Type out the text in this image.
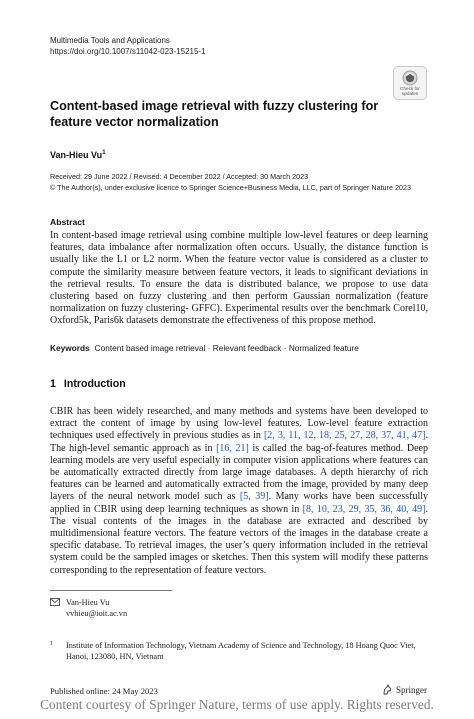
Multimedia Tools and Applications
https://doi.org/10.1007/s11042-023-15215-1
Check for
updates
Content-based image retrieval with fuzzy clustering for feature vector normalization
Van-Hieu Vu$^1$
Received: 29 June 2022 / Revised: 4 December 2022 / Accepted: 30 March 2023
© The Author(s), under exclusive licence to Springer Science+Business Media, LLC, part of Springer Nature 2023
Abstract
In content-based image retrieval using combine multiple low-level features or deep learning features, data imbalance after normalization often occurs. Usually, the distance function is usually like the L1 or L2 norm. When the feature vector value is considered as a cluster to compute the similarity measure between feature vectors, it leads to significant deviations in the retrieval results. To ensure the data is distributed balance, we propose to use data clustering based on fuzzy clustering and then perform Gaussian normalization (feature normalization on fuzzy clustering- GFFC). Experimental results over the benchmark Corel10, Oxford5k, Paris6k datasets demonstrate the effectiveness of this propose method.
Keywords Content based image retrieval · Relevant feedback · Normalized feature
1 Introduction
CBIR has been widely researched, and many methods and systems have been developed to extract the content of image by using low-level features. Low-level feature extraction techniques used effectively in previous studies as in [2, 3, 11, 12, 18, 25, 27, 28, 37, 41, 47]. The high-level semantic approach as in [16, 21] is called the bag-of-features method. Deep learning models are very useful especially in computer vision applications where features can be automatically extracted directly from large image databases. A depth hierarchy of rich features can be learned and automatically extracted from the image, provided by many deep layers of the neural network model such as [5, 39]. Many works have been successfully applied in CBIR using deep learning techniques as shown in [8, 10, 23, 29, 35, 36, 40, 49]. The visual contents of the images in the database are extracted and described by multidimensional feature vectors. The feature vectors of the images in the database create a specific database. To retrieval images, the user’s query information included in the retrieval system could be the sampled images or sketches. Then this system will modify these patterns corresponding to the representation of feature vectors.
Van-Hieu Vu
vvhieu@ioit.ac.vn
1 Institute of Information Technology, Vietnam Academy of Science and Technology, 18 Hoang Quoc Viet, Hanoi, 123080, HN, Vietnam
Published online: 24 May 2023	Springer
Content courtesy of Springer Nature, terms of use apply. Rights reserved.
